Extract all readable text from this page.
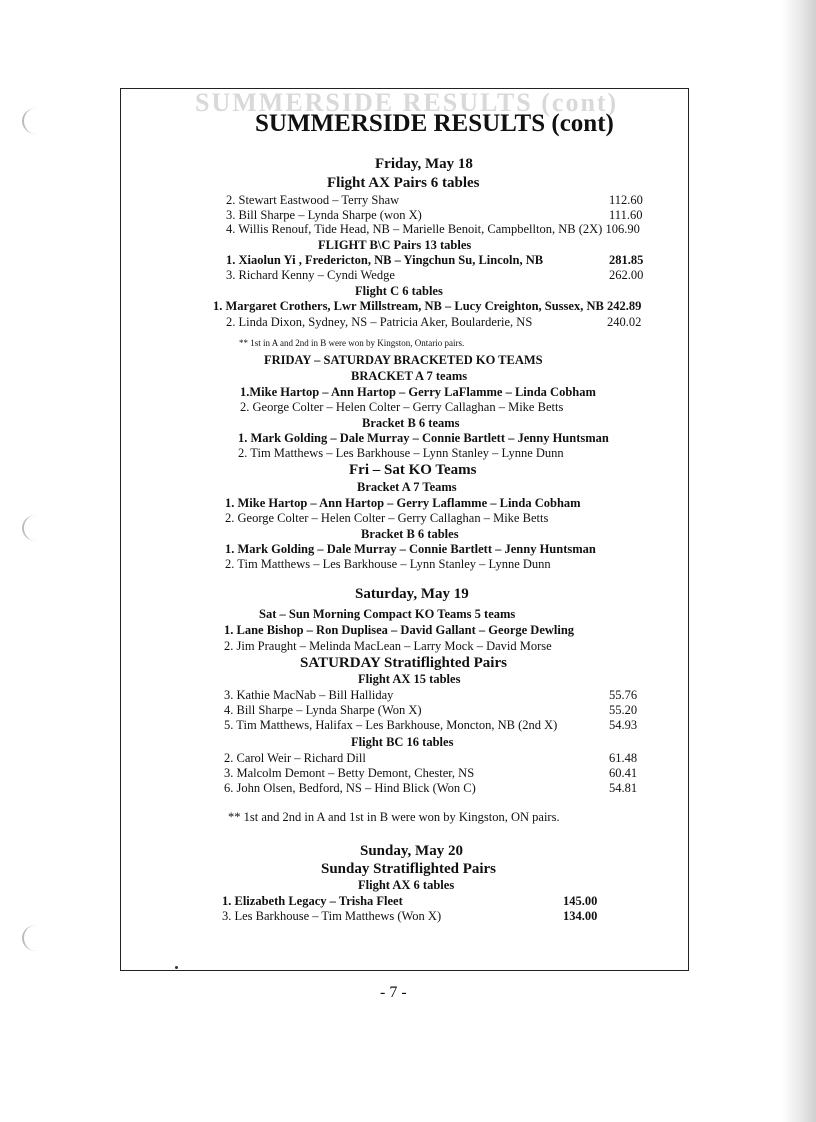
SUMMERSIDE RESULTS (cont)
SUMMERSIDE RESULTS (cont)
Friday, May 18
Flight AX Pairs 6 tables
2. Stewart Eastwood – Terry Shaw	112.60
3. Bill Sharpe – Lynda Sharpe (won X)	111.60
4. Willis Renouf, Tide Head, NB – Marielle Benoit, Campbellton, NB (2X) 106.90
FLIGHT B\C Pairs 13 tables
1. Xiaolun Yi , Fredericton, NB – Yingchun Su, Lincoln, NB	281.85
3. Richard Kenny – Cyndi Wedge	262.00
Flight C 6 tables
1. Margaret Crothers, Lwr Millstream, NB – Lucy Creighton, Sussex, NB 242.89
2. Linda Dixon, Sydney, NS – Patricia Aker, Boularderie, NS	240.02
** 1st in A and 2nd in B were won by Kingston, Ontario pairs.
FRIDAY – SATURDAY BRACKETED KO TEAMS
BRACKET A 7 teams
1.Mike Hartop – Ann Hartop – Gerry LaFlamme – Linda Cobham
2. George Colter – Helen Colter – Gerry Callaghan – Mike Betts
Bracket B 6 teams
1. Mark Golding – Dale Murray – Connie Bartlett – Jenny Huntsman
2. Tim Matthews – Les Barkhouse – Lynn Stanley – Lynne Dunn
Fri – Sat KO Teams
Bracket A 7 Teams
1. Mike Hartop – Ann Hartop – Gerry Laflamme – Linda Cobham
2. George Colter – Helen Colter – Gerry Callaghan – Mike Betts
Bracket B 6 tables
1. Mark Golding – Dale Murray – Connie Bartlett – Jenny Huntsman
2. Tim Matthews – Les Barkhouse – Lynn Stanley – Lynne Dunn
Saturday, May 19
Sat – Sun Morning Compact KO Teams 5 teams
1. Lane Bishop – Ron Duplisea – David Gallant – George Dewling
2. Jim Praught – Melinda MacLean – Larry Mock – David Morse
SATURDAY Stratiflighted Pairs
Flight AX 15 tables
3. Kathie MacNab – Bill Halliday	55.76
4. Bill Sharpe – Lynda Sharpe (Won X)	55.20
5. Tim Matthews, Halifax – Les Barkhouse, Moncton, NB (2nd X)	54.93
Flight BC 16 tables
2. Carol Weir – Richard Dill	61.48
3. Malcolm Demont – Betty Demont, Chester, NS	60.41
6. John Olsen, Bedford, NS – Hind Blick (Won C)	54.81
** 1st and 2nd in A and 1st in B were won by Kingston, ON pairs.
Sunday, May 20
Sunday Stratiflighted Pairs
Flight AX 6 tables
1. Elizabeth Legacy – Trisha Fleet	145.00
3. Les Barkhouse – Tim Matthews (Won X)	134.00
- 7 -
